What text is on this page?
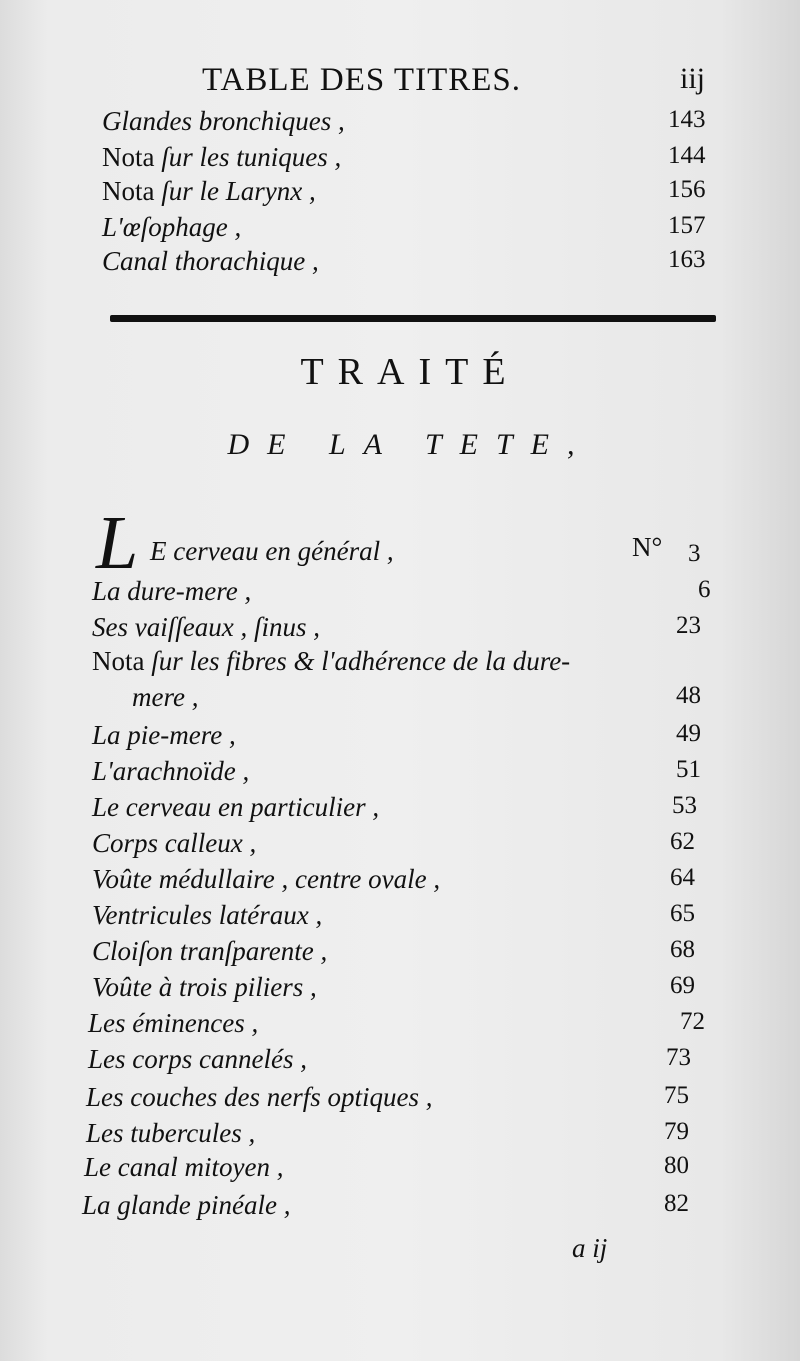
TABLE DES TITRES.	iij
Glandes bronchiques ,	143
Nota ſur les tuniques ,	144
Nota ſur le Larynx ,	156
L'œſophage ,	157
Canal thorachique ,	163
TRAITÉ
DE LA TETE,
L E cerveau en général ,	N° 3
La dure-mere ,	6
Ses vaiſſeaux , ſinus ,	23
Nota ſur les fibres & l'adhérence de la dure-
mere ,	48
La pie-mere ,	49
L'arachnoïde ,	51
Le cerveau en particulier ,	53
Corps calleux ,	62
Voûte médullaire , centre ovale ,	64
Ventricules latéraux ,	65
Cloiſon tranſparente ,	68
Voûte à trois piliers ,	69
Les éminences ,	72
Les corps cannelés ,	73
Les couches des nerfs optiques ,	75
Les tubercules ,	79
Le canal mitoyen ,	80
La glande pinéale ,	82
a ij
